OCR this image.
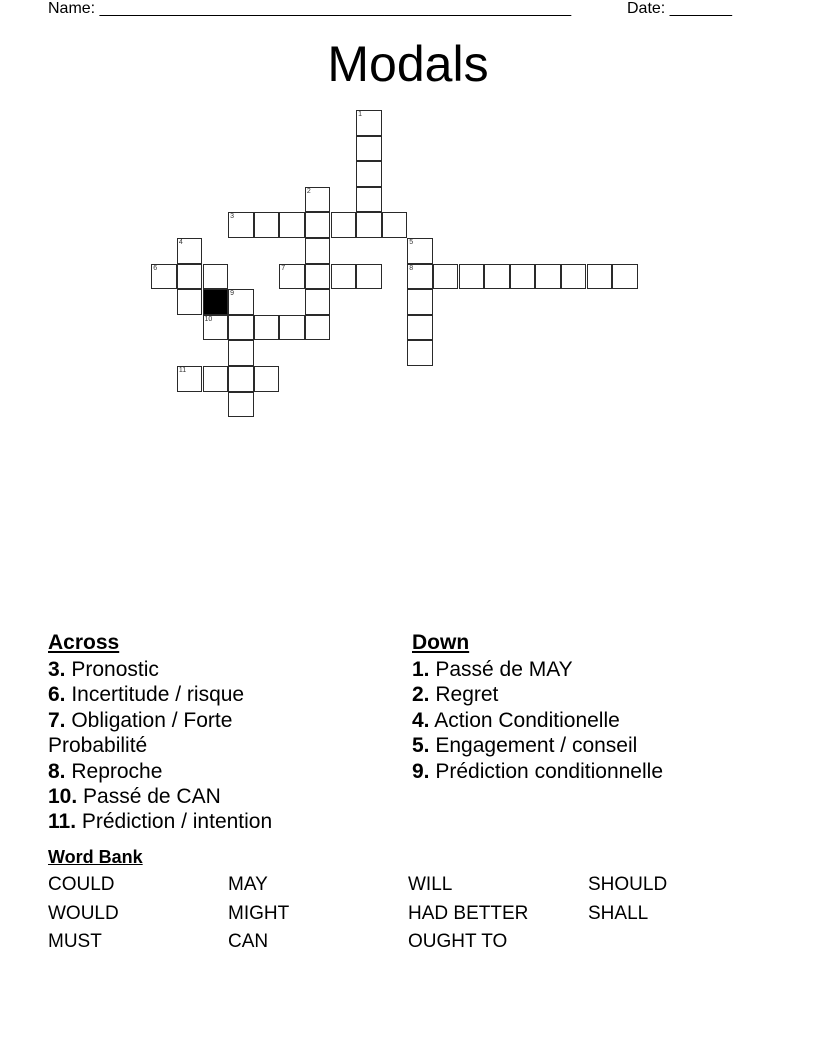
Name: _____________________________________________________	Date: _______
Modals
1
2
3
4	5
6	7	8
9
10
11
Across
3. Pronostic
6. Incertitude / risque
7. Obligation / Forte Probabilité
8. Reproche
10. Passé de CAN
11. Prédiction / intention
Down
1. Passé de MAY
2. Regret
4. Action Conditionelle
5. Engagement / conseil
9. Prédiction conditionnelle
Word Bank
COULD	MAY	WILL	SHOULD
WOULD	MIGHT	HAD BETTER	SHALL
MUST	CAN	OUGHT TO
